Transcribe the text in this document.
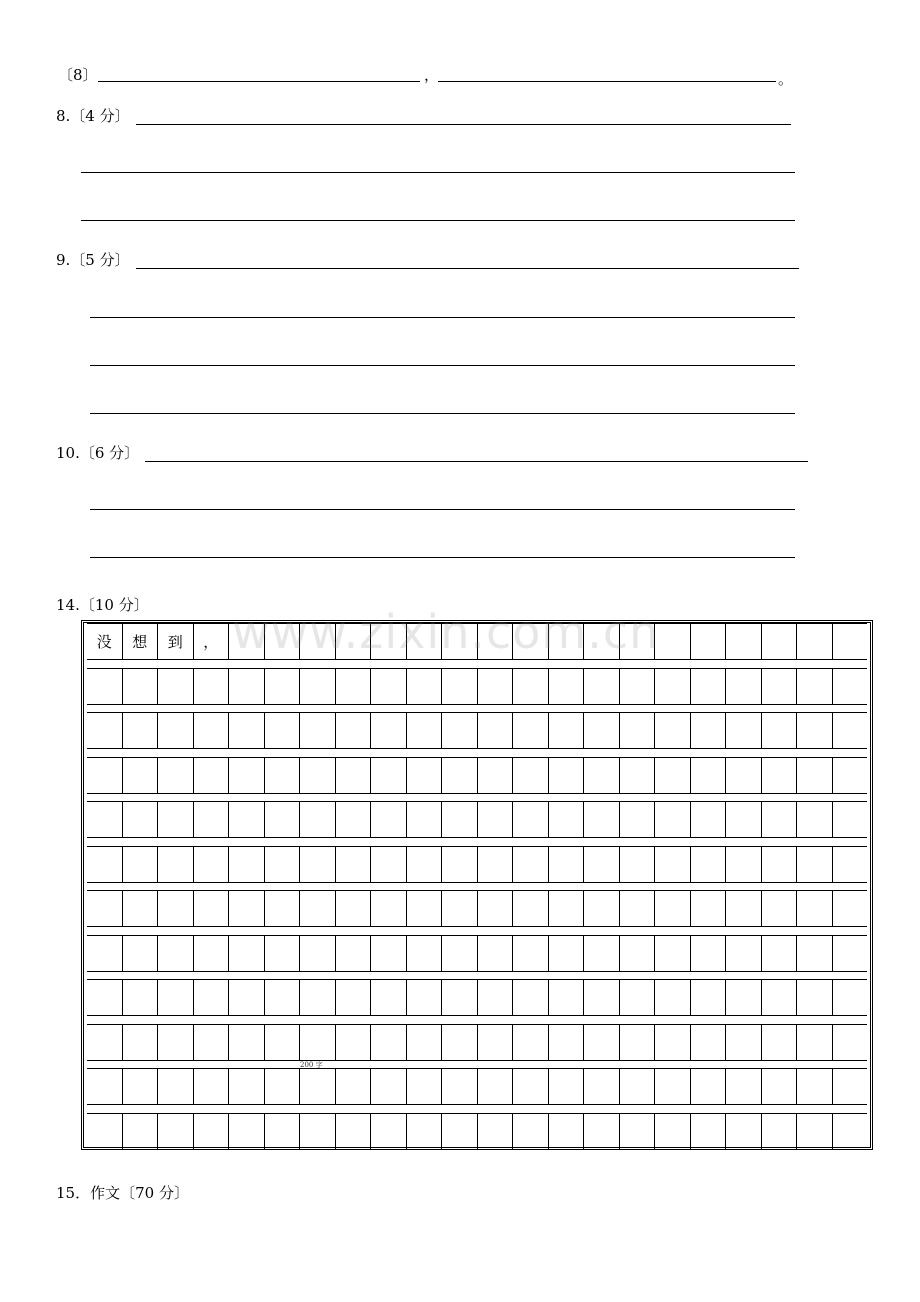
〔8〕	，	。
8.〔4 分〕
9.〔5 分〕
10.〔6 分〕
14.〔10 分〕
没	想	到	，
200 字
www.zixin.com.cn
15．作文〔70 分〕
